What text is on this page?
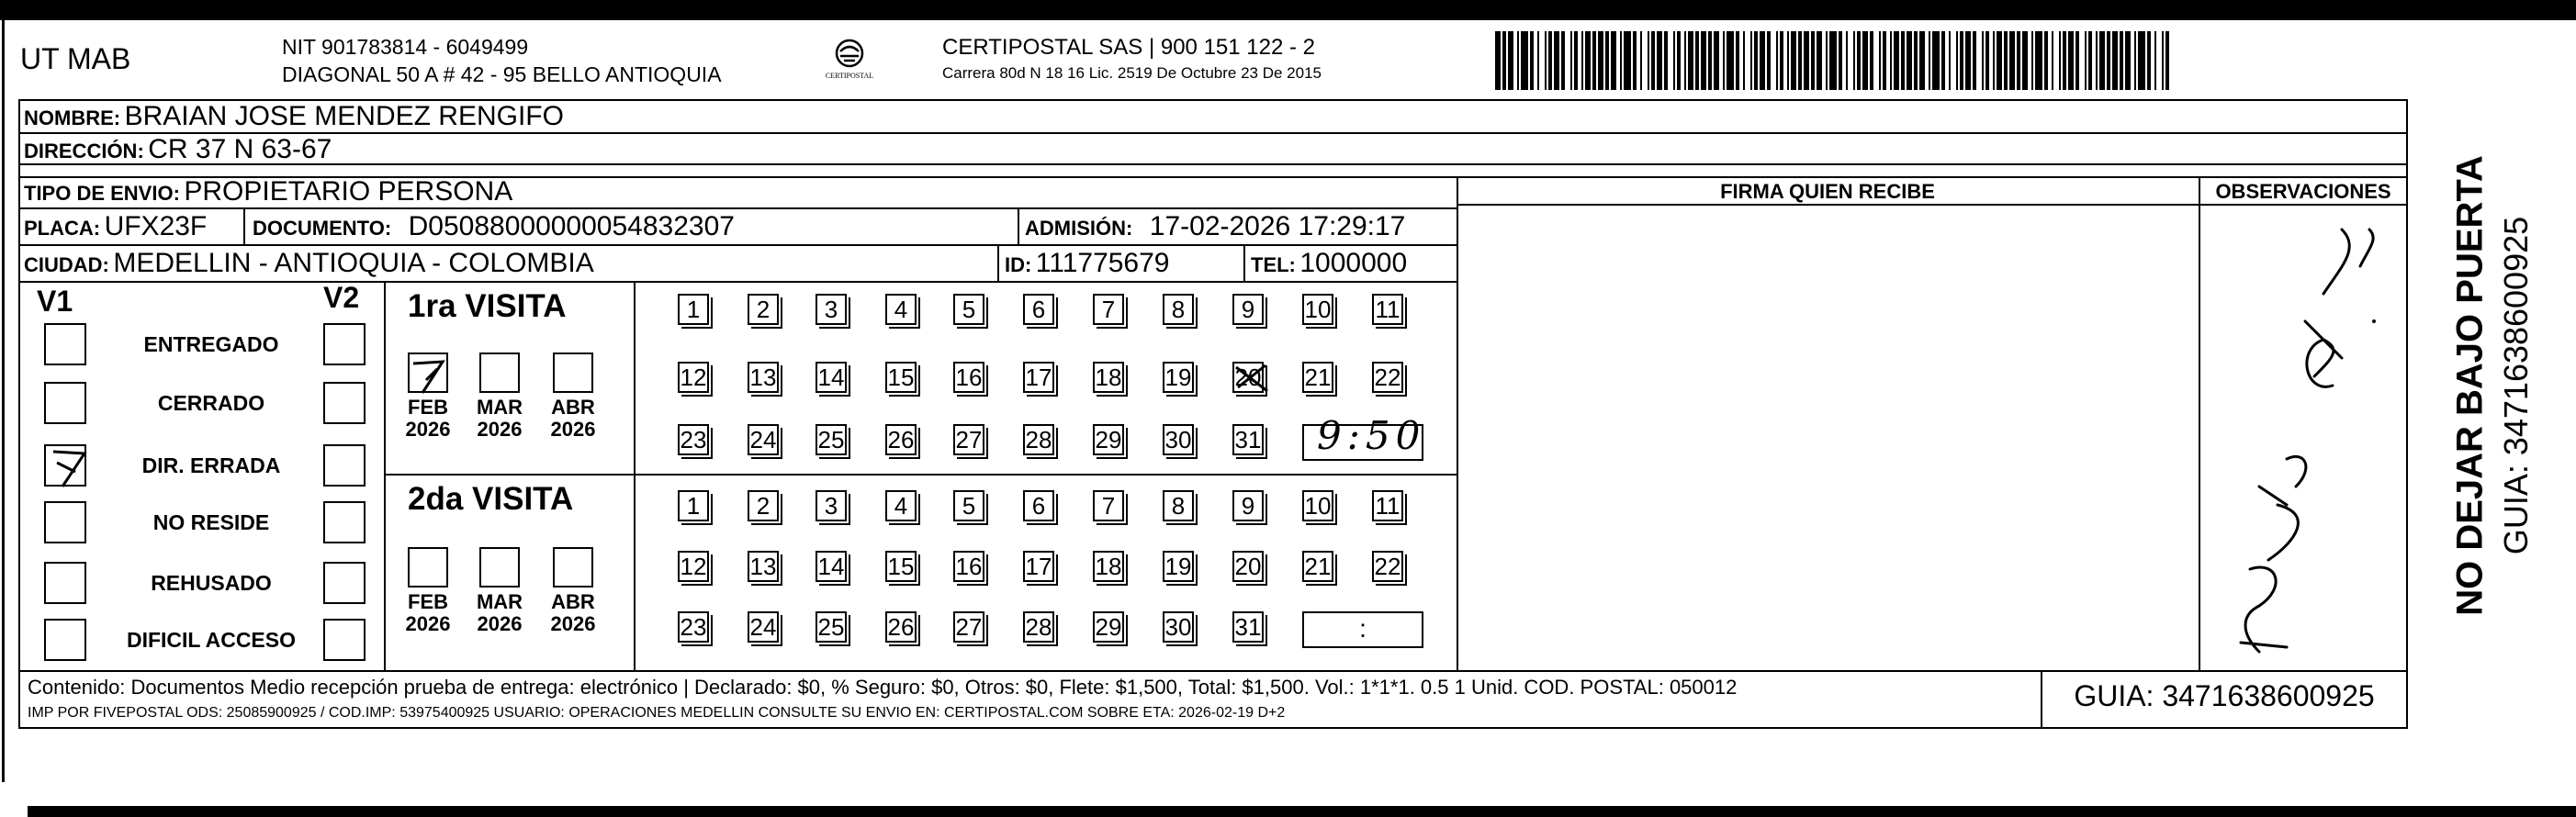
UT MAB	NIT 901783814 - 6049499
DIAGONAL 50 A # 42 - 95 BELLO ANTIOQUIA	CERTIPOSTAL
CERTIPOSTAL SAS | 900 151 122 - 2
Carrera 80d N 18 16 Lic. 2519 De Octubre 23 De 2015
NOMBRE: BRAIAN JOSE MENDEZ RENGIFO
DIRECCIÓN: CR 37 N 63-67
TIPO DE ENVIO: PROPIETARIO PERSONA
PLACA: UFX23F DOCUMENTO: D05088000000054832307	ADMISIÓN: 17-02-2026 17:29:17
CIUDAD: MEDELLIN - ANTIOQUIA - COLOMBIA	ID: 111775679	TEL: 1000000
FIRMA QUIEN RECIBE	OBSERVACIONES
V1	V2
ENTREGADO
CERRADO
DIR. ERRADA
NO RESIDE
REHUSADO
DIFICIL ACCESO
1ra VISITA
2da VISITA
FEB
2026
MAR
2026
ABR
2026
FEB
2026
MAR
2026
ABR
2026
1	2	3	4	5	6	7	8	9	10 11
12 13 14 15 16 17 18 19 20 21 22
23 24 25 26 27 28 29 30 31
1	2	3	4	5	6	7	8	9	10 11
12 13 14 15 16 17 18 19 20 21 22
23 24 25 26 27 28 29 30 31	:
9:50
Contenido: Documentos Medio recepción prueba de entrega: electrónico | Declarado: $0, % Seguro: $0, Otros: $0, Flete: $1,500, Total: $1,500. Vol.: 1*1*1. 0.5 1 Unid. COD. POSTAL: 050012
IMP POR FIVEPOSTAL ODS: 25085900925 / COD.IMP: 53975400925 USUARIO: OPERACIONES MEDELLIN CONSULTE SU ENVIO EN: CERTIPOSTAL.COM SOBRE ETA: 2026-02-19 D+2
GUIA: 3471638600925
NO DEJAR BAJO PUERTA GUIA: 3471638600925
